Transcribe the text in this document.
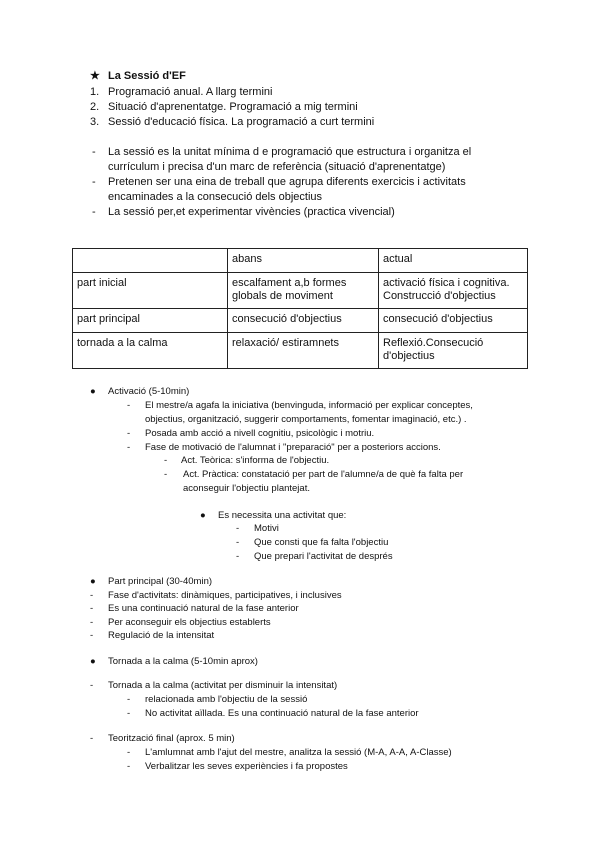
★ La Sessió d'EF
1. Programació anual. A llarg termini
2. Situació d'aprenentatge. Programació a mig termini
3. Sessió d'educació física. La programació a curt termini
- La sessió es la unitat mínima d e programació que estructura i organitza el
currículum i precisa d'un marc de referència (situació d'aprenentatge)
- Pretenen ser una eina de treball que agrupa diferents exercicis i activitats
encaminades a la consecució dels objectius
- La sessió per,et experimentar vivències (practica vivencial)
	abans	actual
part inicial	escalfament a,b formes globals de moviment	activació física i cognitiva. Construcció d'objectius
part principal	consecució d'objectius	consecució d'objectius
tornada a la calma	relaxació/ estiramnets	Reflexió.Consecució d'objectius
● Activació (5-10min)
- El mestre/a agafa la iniciativa (benvinguda, informació per explicar conceptes,
objectius, organització, suggerir comportaments, fomentar imaginació, etc.) .
- Posada amb acció a nivell cognitiu, psicològic i motriu.
- Fase de motivació de l'alumnat i "preparació" per a posteriors accions.
- Act. Teòrica: s'informa de l'objectiu.
- Act. Pràctica: constatació per part de l'alumne/a de què fa falta per
aconseguir l'objectiu plantejat.
● Es necessita una activitat que:
- Motivi
- Que consti que fa falta l'objectiu
- Que prepari l'activitat de després
● Part principal (30-40min)
- Fase d'activitats: dinàmiques, participatives, i inclusives
- Es una continuació natural de la fase anterior
- Per aconseguir els objectius establerts
- Regulació de la intensitat
● Tornada a la calma (5-10min aprox)
- Tornada a la calma (activitat per disminuir la intensitat)
- relacionada amb l'objectiu de la sessió
- No activitat aïllada. Es una continuació natural de la fase anterior
- Teorització final (aprox. 5 min)
- L'amlumnat amb l'ajut del mestre, analitza la sessió (M-A, A-A, A-Classe)
- Verbalitzar les seves experiències i fa propostes
